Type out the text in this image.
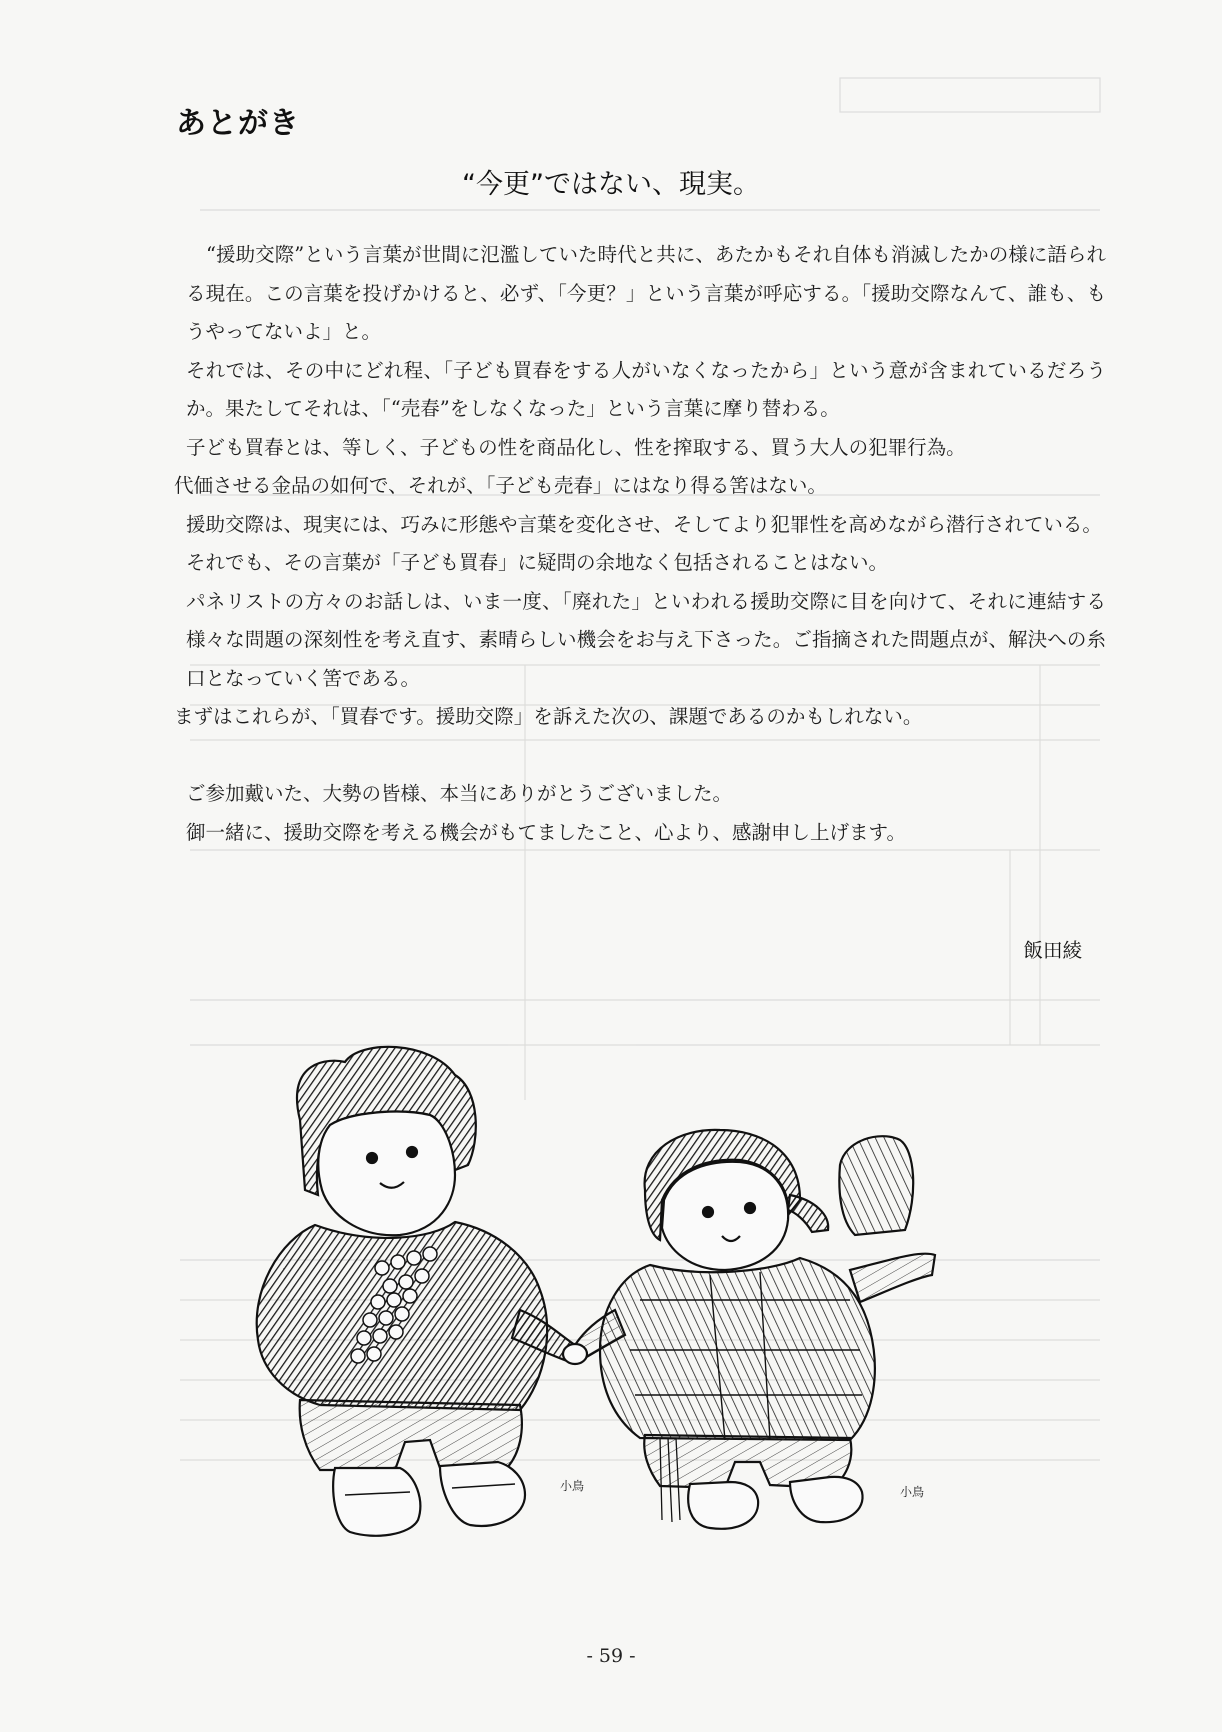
あとがき
“今更”ではない、現実。

“援助交際”という言葉が世間に氾濫していた時代と共に、あたかもそれ自体も消滅したかの様に語られる現在。この言葉を投げかけると、必ず、「今更？」という言葉が呼応する。「援助交際なんて、誰も、もうやってないよ」と。

それでは、その中にどれ程、「子ども買春をする人がいなくなったから」という意が含まれているだろうか。果たしてそれは、「“売春”をしなくなった」という言葉に摩り替わる。

子ども買春とは、等しく、子どもの性を商品化し、性を搾取する、買う大人の犯罪行為。

代価させる金品の如何で、それが、「子ども売春」にはなり得る筈はない。

援助交際は、現実には、巧みに形態や言葉を変化させ、そしてより犯罪性を高めながら潜行されている。

それでも、その言葉が「子ども買春」に疑問の余地なく包括されることはない。

パネリストの方々のお話しは、いま一度、「廃れた」といわれる援助交際に目を向けて、それに連結する様々な問題の深刻性を考え直す、素晴らしい機会をお与え下さった。ご指摘された問題点が、解決への糸口となっていく筈である。

まずはこれらが、「買春です。援助交際」を訴えた次の、課題であるのかもしれない。

ご参加戴いた、大勢の皆様、本当にありがとうございました。

御一緒に、援助交際を考える機会がもてましたこと、心より、感謝申し上げます。

飯田綾
小鳥	小鳥
- 59 -
